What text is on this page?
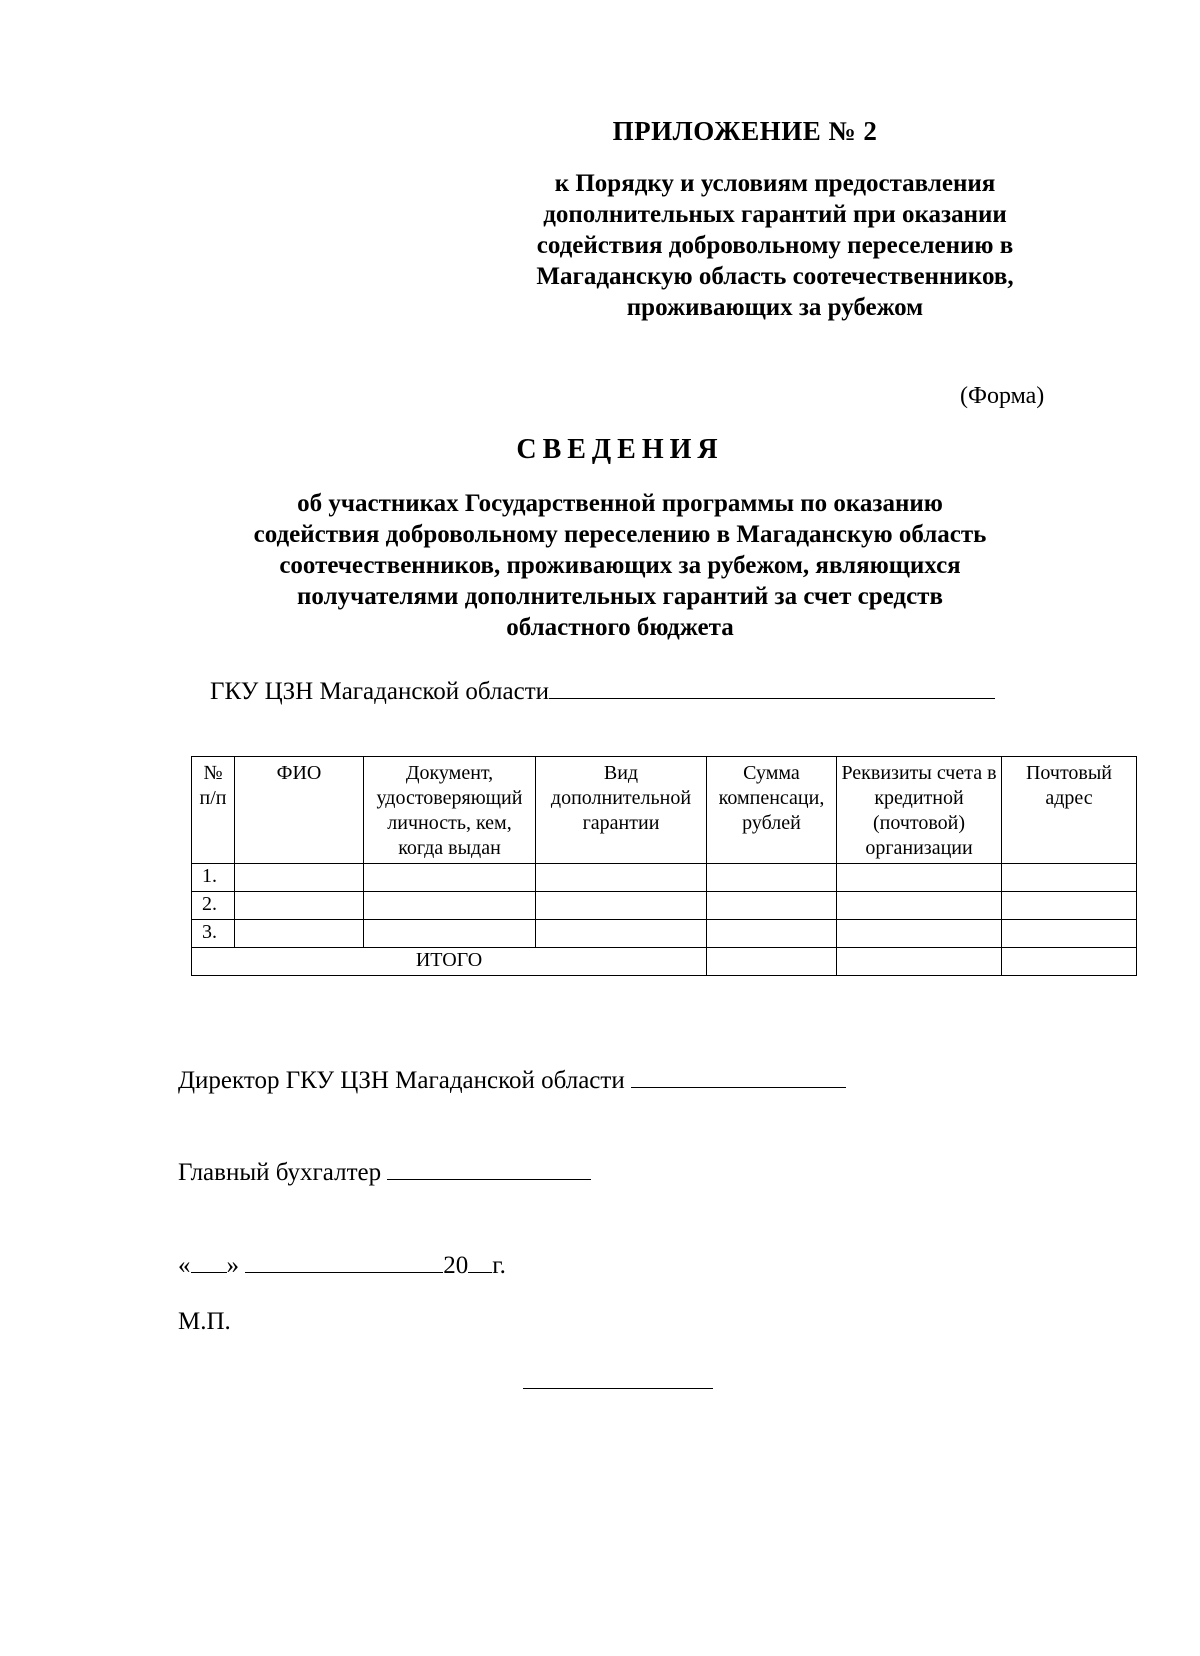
ПРИЛОЖЕНИЕ № 2
к Порядку и условиям предоставления
дополнительных гарантий при оказании
содействия добровольному переселению в
Магаданскую область соотечественников,
проживающих за рубежом
(Форма)
СВЕДЕНИЯ
об участниках Государственной программы по оказанию
содействия добровольному переселению в Магаданскую область
соотечественников, проживающих за рубежом, являющихся
получателями дополнительных гарантий за счет средств
областного бюджета
ГКУ ЦЗН Магаданской области
№ п/п	ФИО	Документ, удостоверяющий личность, кем, когда выдан	Вид дополнительной гарантии	Сумма компенсаци, рублей	Реквизиты счета в кредитной (почтовой) организации	Почтовый адрес
1.						
2.						
3.						
ИТОГО						
Директор ГКУ ЦЗН Магаданской области
Главный бухгалтер
« »	20 г.
М.П.
